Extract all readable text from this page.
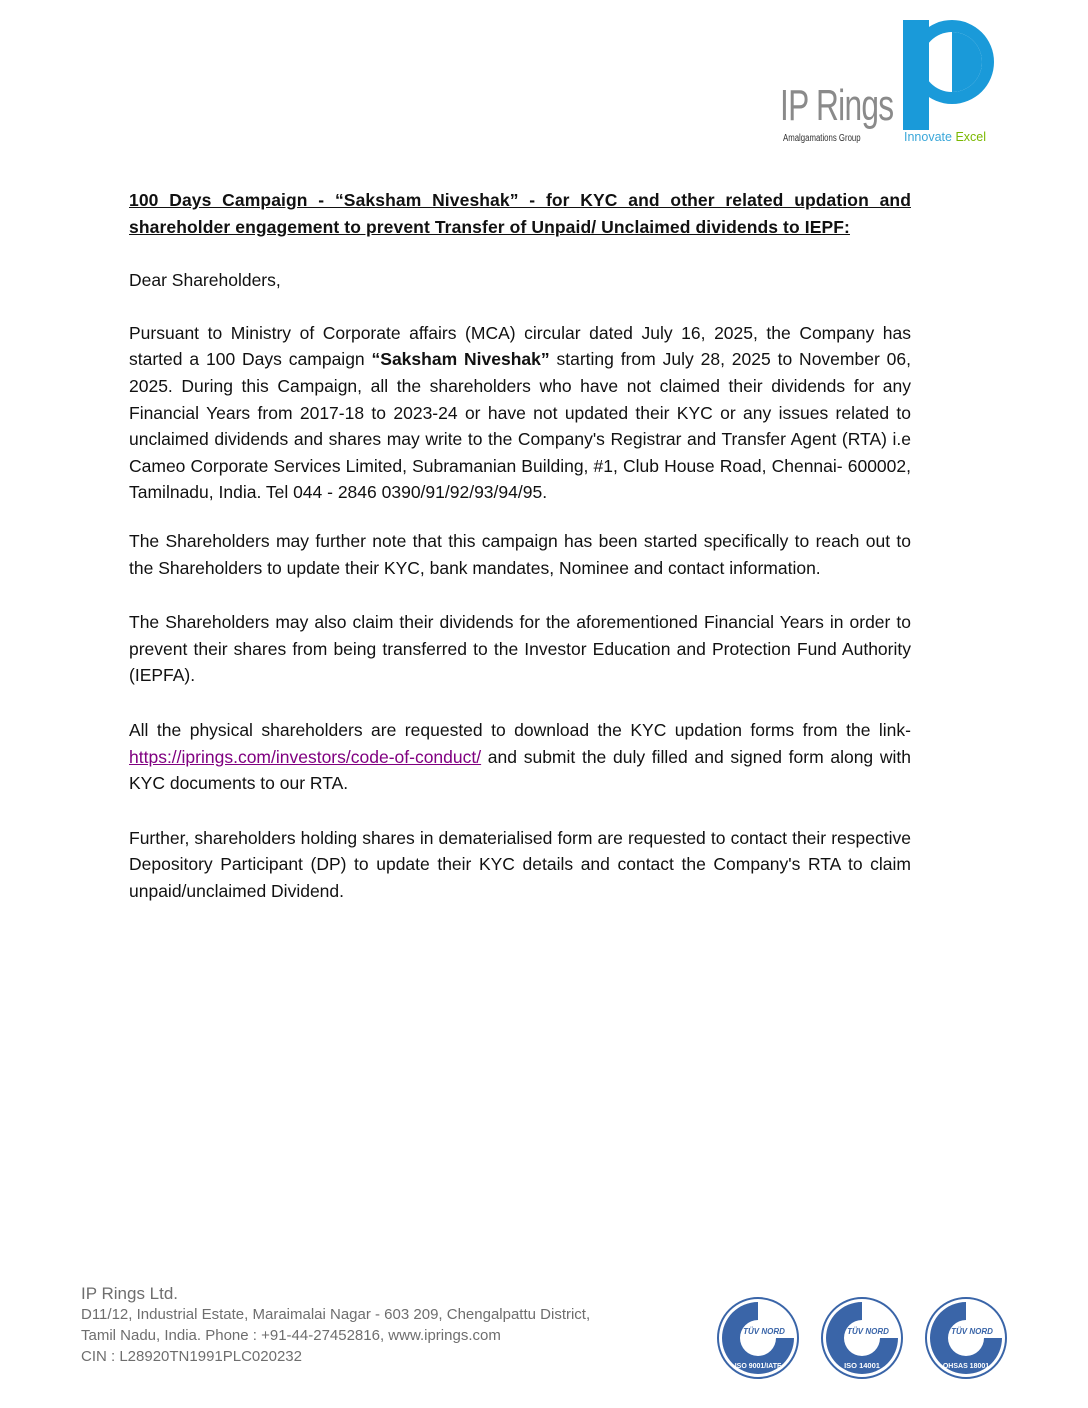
IP Rings
Amalgamations Group	Innovate Excel

100 Days Campaign - “Saksham Niveshak” - for KYC and other related updation and shareholder engagement to prevent Transfer of Unpaid/ Unclaimed dividends to IEPF:

Dear Shareholders,

Pursuant to Ministry of Corporate affairs (MCA) circular dated July 16, 2025, the Company has started a 100 Days campaign “Saksham Niveshak” starting from July 28, 2025 to November 06, 2025. During this Campaign, all the shareholders who have not claimed their dividends for any Financial Years from 2017-18 to 2023-24 or have not updated their KYC or any issues related to unclaimed dividends and shares may write to the Company's Registrar and Transfer Agent (RTA) i.e Cameo Corporate Services Limited, Subramanian Building, #1, Club House Road, Chennai- 600002, Tamilnadu, India. Tel 044 - 2846 0390/91/92/93/94/95.

The Shareholders may further note that this campaign has been started specifically to reach out to the Shareholders to update their KYC, bank mandates, Nominee and contact information.

The Shareholders may also claim their dividends for the aforementioned Financial Years in order to prevent their shares from being transferred to the Investor Education and Protection Fund Authority (IEPFA).

All the physical shareholders are requested to download the KYC updation forms from the link- https://iprings.com/investors/code-of-conduct/ and submit the duly filled and signed form along with KYC documents to our RTA.

Further, shareholders holding shares in dematerialised form are requested to contact their respective Depository Participant (DP) to update their KYC details and contact the Company's RTA to claim unpaid/unclaimed Dividend.

IP Rings Ltd.
D11/12, Industrial Estate, Maraimalai Nagar - 603 209, Chengalpattu District,
Tamil Nadu, India. Phone : +91-44-27452816, www.iprings.com
CIN : L28920TN1991PLC020232
TÜV NORD
ISO 9001/IATF
TÜV NORD
ISO 14001
TÜV NORD
OHSAS 18001
